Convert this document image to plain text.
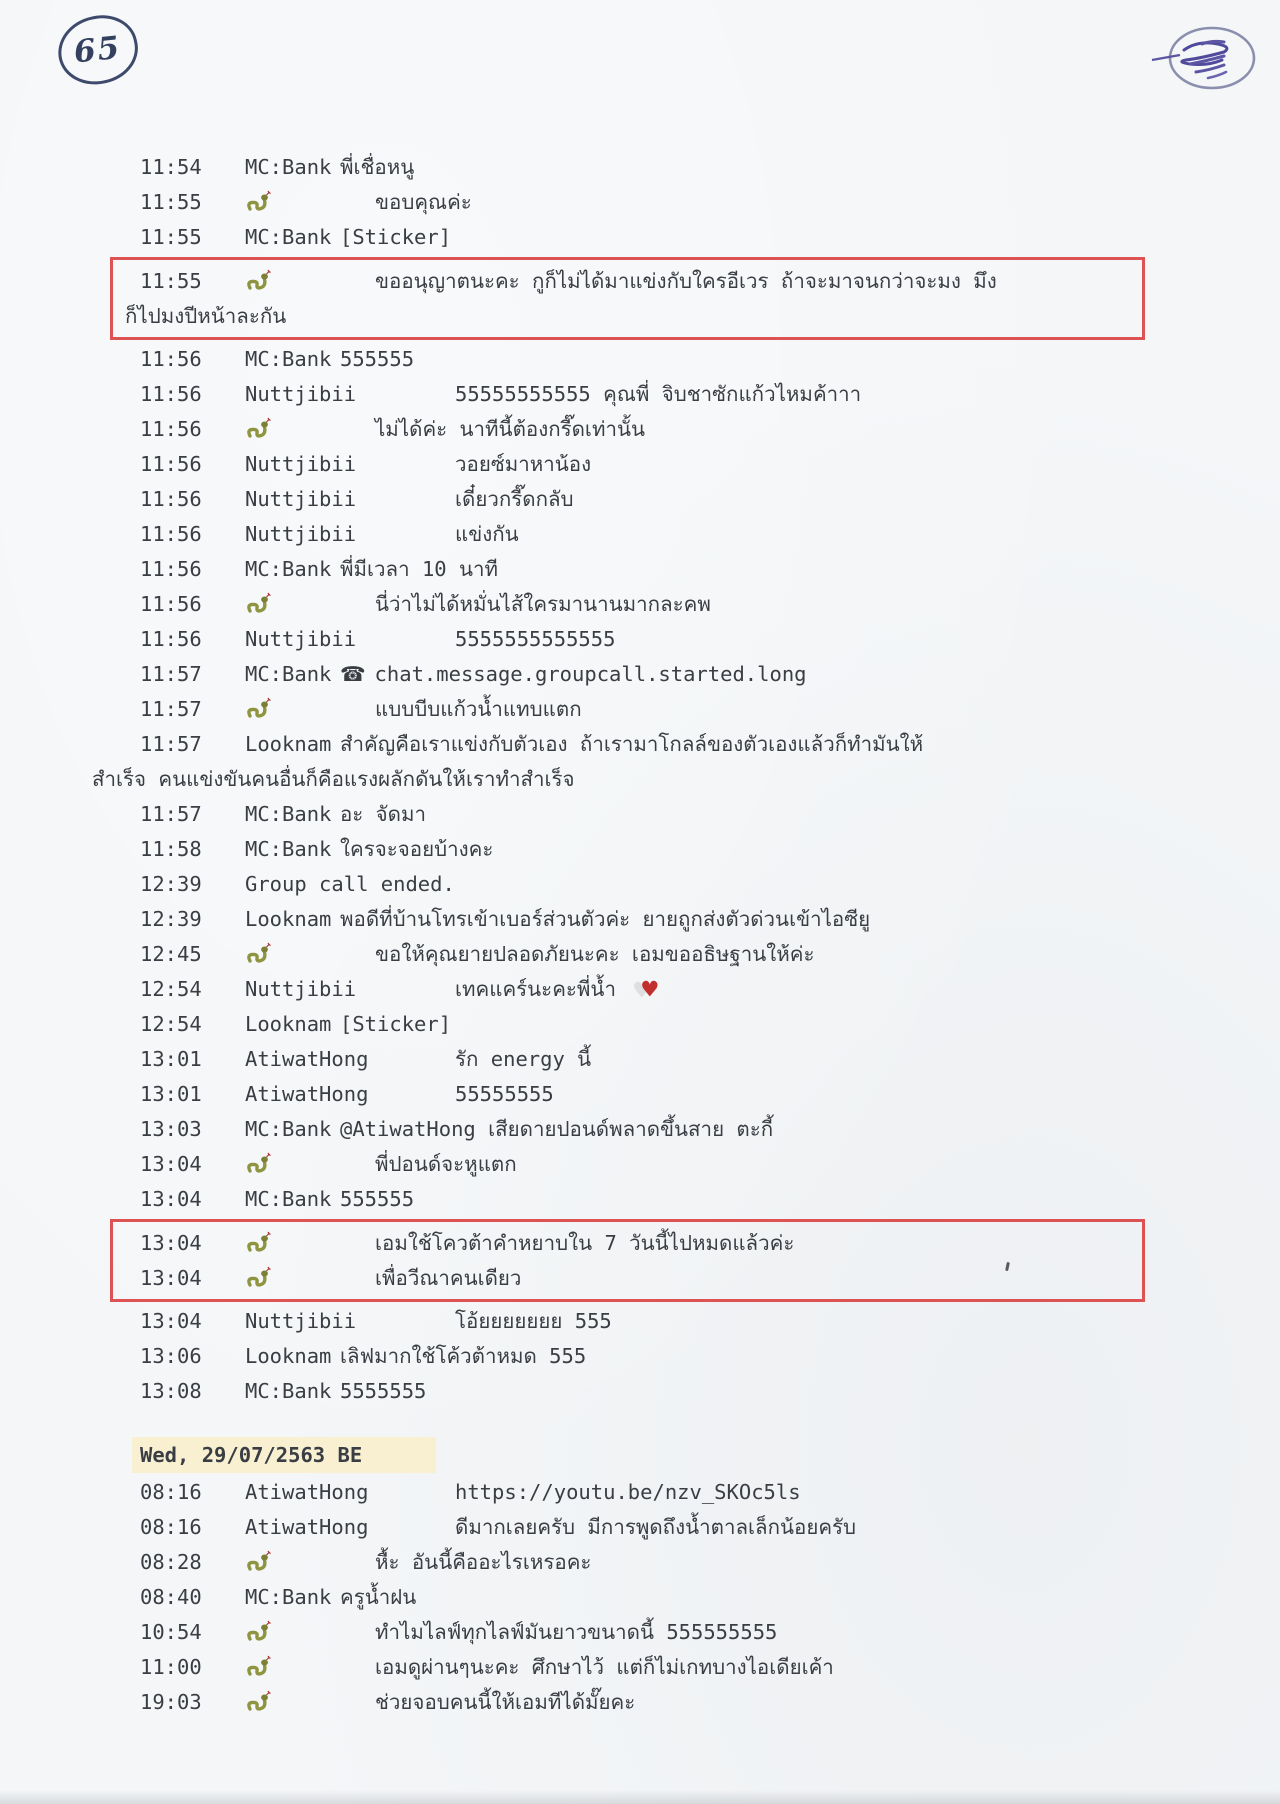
65
11:54 MC:Bank พี่เชื่อหนู
11:55	ขอบคุณค่ะ
11:55 MC:Bank [Sticker]
11:55	ขออนุญาตนะคะ กูก็ไม่ได้มาแข่งกับใครอีเวร ถ้าจะมาจนกว่าจะมง มึง
ก็ไปมงปีหน้าละกัน
11:56 MC:Bank 555555
11:56 Nuttjibii	55555555555 คุณพี่ จิบชาซักแก้วไหมค้าาา
11:56	ไม่ได้ค่ะ นาทีนี้ต้องกรี๊ดเท่านั้น
11:56 Nuttjibii	วอยซ์มาหาน้อง
11:56 Nuttjibii	เดี๋ยวกรี๊ดกลับ
11:56 Nuttjibii	แข่งกัน
11:56 MC:Bank พี่มีเวลา 10 นาที
11:56	นี่ว่าไม่ได้หมั่นไส้ใครมานานมากละคพ
11:56 Nuttjibii	5555555555555
11:57 MC:Bank ☎ chat.message.groupcall.started.long
11:57	แบบบีบแก้วน้ำแทบแตก
11:57 Looknam สำคัญคือเราแข่งกับตัวเอง ถ้าเรามาโกลล์ของตัวเองแล้วก็ทำมันให้
สำเร็จ คนแข่งขันคนอื่นก็คือแรงผลักดันให้เราทำสำเร็จ
11:57 MC:Bank อะ จัดมา
11:58 MC:Bank ใครจะจอยบ้างคะ
12:39 Group call ended.
12:39 Looknam พอดีที่บ้านโทรเข้าเบอร์ส่วนตัวค่ะ ยายถูกส่งตัวด่วนเข้าไอซียู
12:45	ขอให้คุณยายปลอดภัยนะคะ เอมขออธิษฐานให้ค่ะ
12:54 Nuttjibii	เทคแคร์นะคะพี่น้ำ ♥
12:54 Looknam [Sticker]
13:01 AtiwatHong	รัก energy นี้
13:01 AtiwatHong	55555555
13:03 MC:Bank @AtiwatHong เสียดายปอนด์พลาดขึ้นสาย ตะกี้
13:04	พี่ปอนด์จะหูแตก
13:04 MC:Bank 555555
13:04	เอมใช้โควต้าคำหยาบใน 7 วันนี้ไปหมดแล้วค่ะ
13:04	เพื่อวีณาคนเดียว
13:04 Nuttjibii	โอ้ยยยยยยย 555
13:06 Looknam เลิฟมากใช้โค้วต้าหมด 555
13:08 MC:Bank 5555555
Wed, 29/07/2563 BE
08:16 AtiwatHong	https://youtu.be/nzv_SKOc5ls
08:16 AtiwatHong	ดีมากเลยครับ มีการพูดถึงน้ำตาลเล็กน้อยครับ
08:28	หื้ะ อันนี้คืออะไรเหรอคะ
08:40 MC:Bank ครูน้ำฝน
10:54	ทำไมไลฟ์ทุกไลฟ์มันยาวขนาดนี้ 555555555
11:00	เอมดูผ่านๆนะคะ ศึกษาไว้ แต่ก็ไม่เกทบางไอเดียเค้า
19:03	ช่วยจอบคนนี้ให้เอมทีได้มั๊ยคะ
